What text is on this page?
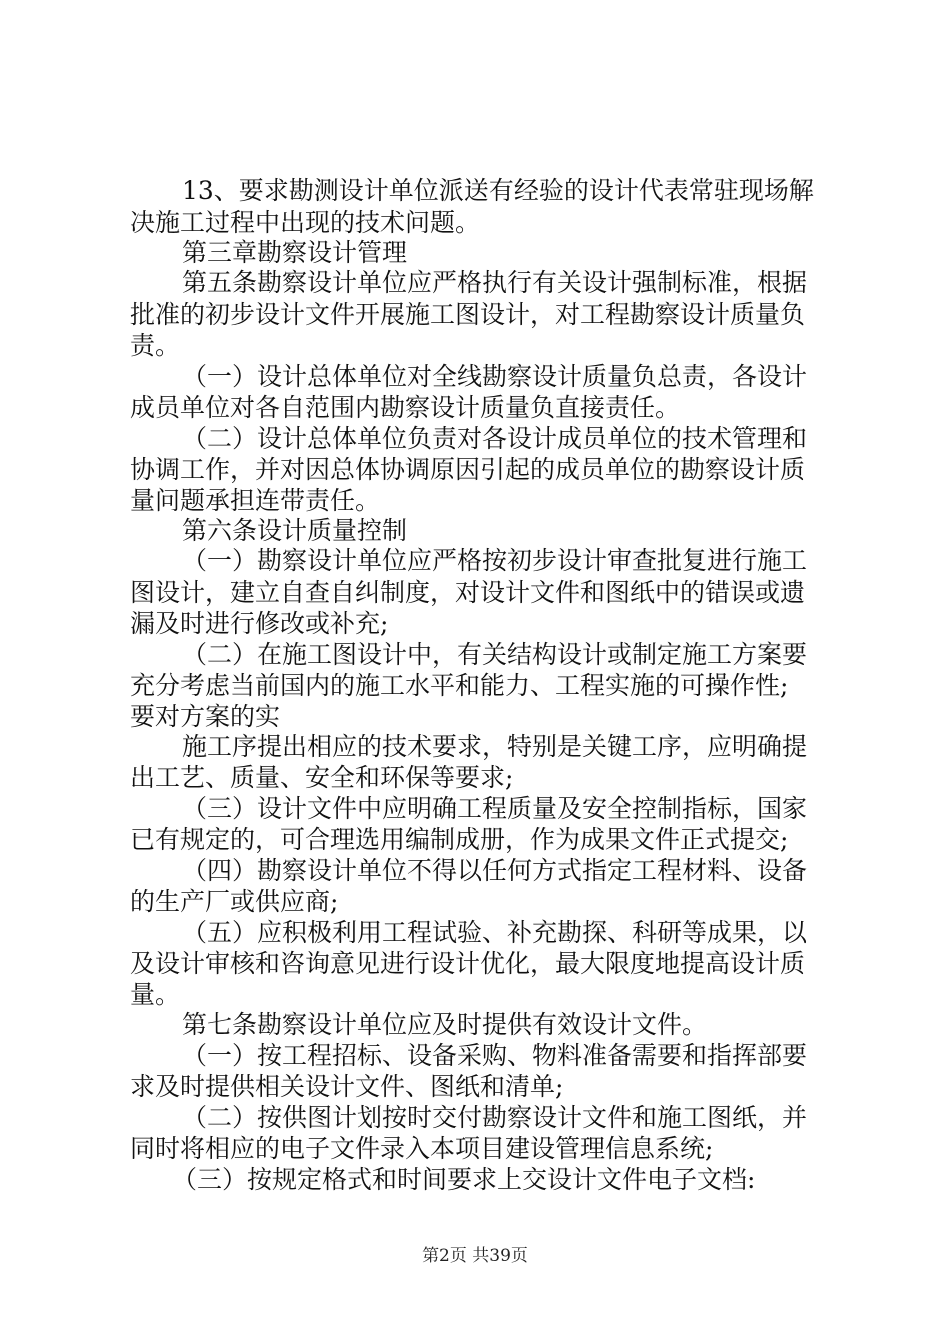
13、要求勘测设计单位派送有经验的设计代表常驻现场解
决施工过程中出现的技术问题。
第三章勘察设计管理
第五条勘察设计单位应严格执行有关设计强制标准，根据
批准的初步设计文件开展施工图设计，对工程勘察设计质量负
责。
（一）设计总体单位对全线勘察设计质量负总责，各设计
成员单位对各自范围内勘察设计质量负直接责任。
（二）设计总体单位负责对各设计成员单位的技术管理和
协调工作，并对因总体协调原因引起的成员单位的勘察设计质
量问题承担连带责任。
第六条设计质量控制
（一）勘察设计单位应严格按初步设计审查批复进行施工
图设计，建立自查自纠制度，对设计文件和图纸中的错误或遗
漏及时进行修改或补充;
（二）在施工图设计中，有关结构设计或制定施工方案要
充分考虑当前国内的施工水平和能力、工程实施的可操作性;
要对方案的实
施工序提出相应的技术要求，特别是关键工序，应明确提
出工艺、质量、安全和环保等要求;
（三）设计文件中应明确工程质量及安全控制指标，国家
已有规定的，可合理选用编制成册，作为成果文件正式提交;
（四）勘察设计单位不得以任何方式指定工程材料、设备
的生产厂或供应商;
（五）应积极利用工程试验、补充勘探、科研等成果，以
及设计审核和咨询意见进行设计优化，最大限度地提高设计质
量。
第七条勘察设计单位应及时提供有效设计文件。
（一）按工程招标、设备采购、物料准备需要和指挥部要
求及时提供相关设计文件、图纸和清单;
（二）按供图计划按时交付勘察设计文件和施工图纸，并
同时将相应的电子文件录入本项目建设管理信息系统;
（三）按规定格式和时间要求上交设计文件电子文档:
第2页 共39页
